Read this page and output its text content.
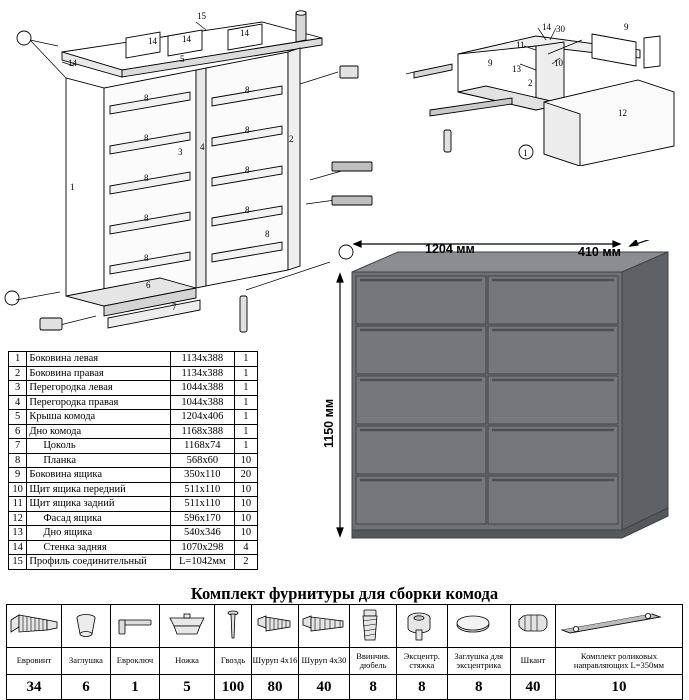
15
14	14
14
14	5
8
8
8
8
8
8
8
8
8
8
1
2
3 4
6
7
11
14 30	9
9
13
10
2
12
1
1	Боковина левая	1134х388	1
2	Боковина правая	1134х388	1
3	Перегородка левая	1044х388	1
4	Перегородка правая	1044х388	1
5	Крыша комода	1204х406	1
6	Дно комода	1168х388	1
7	Цоколь	1168х74	1
8	Планка	568х60	10
9	Боковина ящика	350х110	20
10	Щит ящика передний	511х110	10
11	Щит ящика задний	511х110	10
12	Фасад ящика	596х170	10
13	Дно ящика	540х346	10
14	Стенка задняя	1070х298	4
15	Профиль соединительный	L=1042мм	2
1204 мм	410 мм
1150 мм
Комплект фурнитуры для сборки комода

Евровинт	Заглушка	Евроключ	Ножка	Гвоздь	Шуруп 4х16	Шуруп 4х30	Ввинчив. дюбель	Эксцентр. стяжка	Заглушка для эксцентрика	Шкант	Комплект роликовых направляющих L=350мм
34	6	1	5	100	80	40	8	8	8	40	10
